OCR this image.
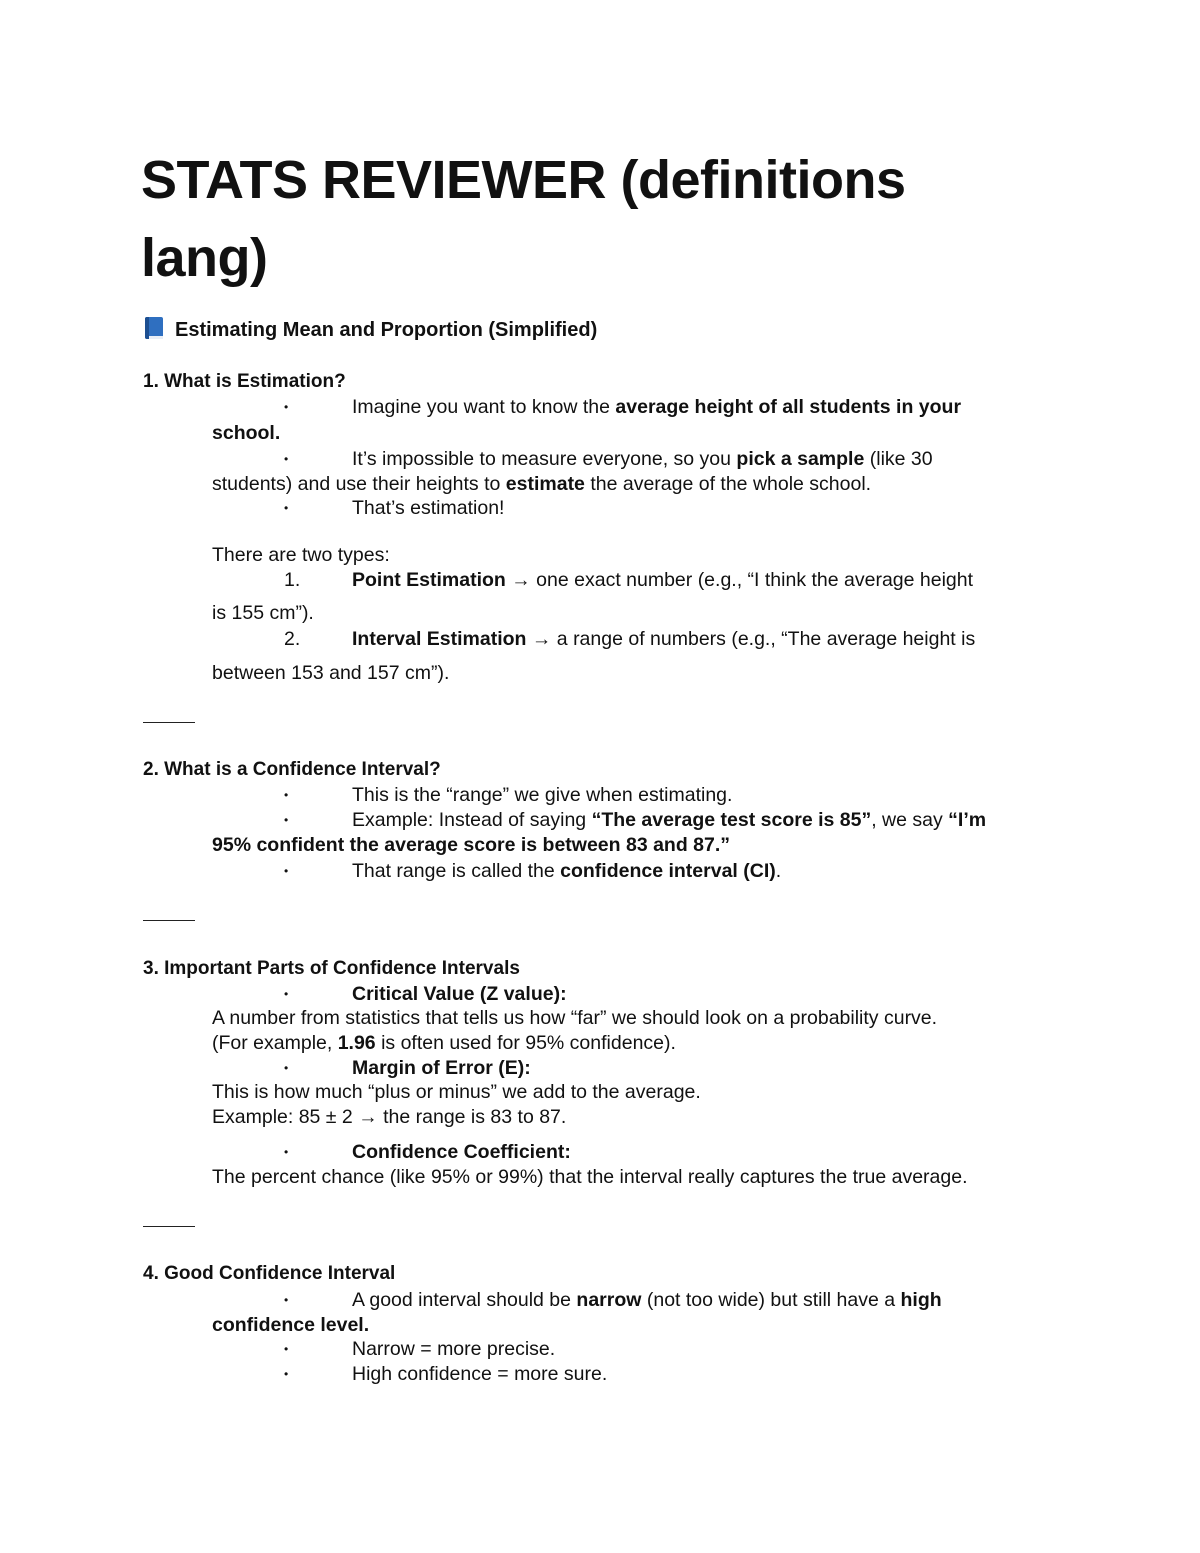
STATS REVIEWER (definitions
lang)
Estimating Mean and Proportion (Simplified)
1. What is Estimation?
•	Imagine you want to know the average height of all students in your
school.
•	It’s impossible to measure everyone, so you pick a sample (like 30
students) and use their heights to estimate the average of the whole school.
•	That’s estimation!
There are two types:
1.	Point Estimation → one exact number (e.g., “I think the average height
is 155 cm”).
2.	Interval Estimation → a range of numbers (e.g., “The average height is
between 153 and 157 cm”).
2. What is a Confidence Interval?
•	This is the “range” we give when estimating.
•	Example: Instead of saying “The average test score is 85”, we say “I’m
95% confident the average score is between 83 and 87.”
•	That range is called the confidence interval (CI).
3. Important Parts of Confidence Intervals
•	Critical Value (Z value):
A number from statistics that tells us how “far” we should look on a probability curve.
(For example, 1.96 is often used for 95% confidence).
•	Margin of Error (E):
This is how much “plus or minus” we add to the average.
Example: 85 ± 2 → the range is 83 to 87.
•	Confidence Coefficient:
The percent chance (like 95% or 99%) that the interval really captures the true average.
4. Good Confidence Interval
•	A good interval should be narrow (not too wide) but still have a high
confidence level.
•	Narrow = more precise.
•	High confidence = more sure.
